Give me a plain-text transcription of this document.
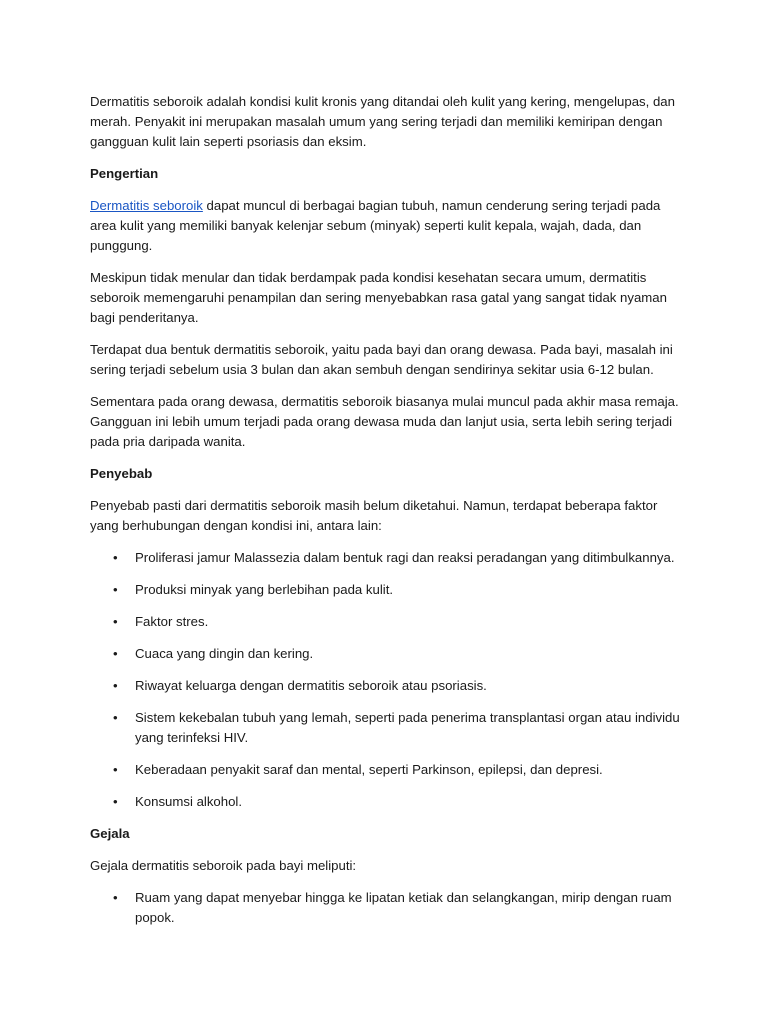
Dermatitis seboroik adalah kondisi kulit kronis yang ditandai oleh kulit yang kering, mengelupas, dan merah. Penyakit ini merupakan masalah umum yang sering terjadi dan memiliki kemiripan dengan gangguan kulit lain seperti psoriasis dan eksim.

Pengertian

Dermatitis seboroik dapat muncul di berbagai bagian tubuh, namun cenderung sering terjadi pada area kulit yang memiliki banyak kelenjar sebum (minyak) seperti kulit kepala, wajah, dada, dan punggung.

Meskipun tidak menular dan tidak berdampak pada kondisi kesehatan secara umum, dermatitis seboroik memengaruhi penampilan dan sering menyebabkan rasa gatal yang sangat tidak nyaman bagi penderitanya.

Terdapat dua bentuk dermatitis seboroik, yaitu pada bayi dan orang dewasa. Pada bayi, masalah ini sering terjadi sebelum usia 3 bulan dan akan sembuh dengan sendirinya sekitar usia 6-12 bulan.

Sementara pada orang dewasa, dermatitis seboroik biasanya mulai muncul pada akhir masa remaja. Gangguan ini lebih umum terjadi pada orang dewasa muda dan lanjut usia, serta lebih sering terjadi pada pria daripada wanita.

Penyebab

Penyebab pasti dari dermatitis seboroik masih belum diketahui. Namun, terdapat beberapa faktor yang berhubungan dengan kondisi ini, antara lain:

• Proliferasi jamur Malassezia dalam bentuk ragi dan reaksi peradangan yang ditimbulkannya.
• Produksi minyak yang berlebihan pada kulit.
• Faktor stres.
• Cuaca yang dingin dan kering.
• Riwayat keluarga dengan dermatitis seboroik atau psoriasis.
• Sistem kekebalan tubuh yang lemah, seperti pada penerima transplantasi organ atau individu yang terinfeksi HIV.
• Keberadaan penyakit saraf dan mental, seperti Parkinson, epilepsi, dan depresi.
• Konsumsi alkohol.

Gejala

Gejala dermatitis seboroik pada bayi meliputi:

• Ruam yang dapat menyebar hingga ke lipatan ketiak dan selangkangan, mirip dengan ruam popok.
